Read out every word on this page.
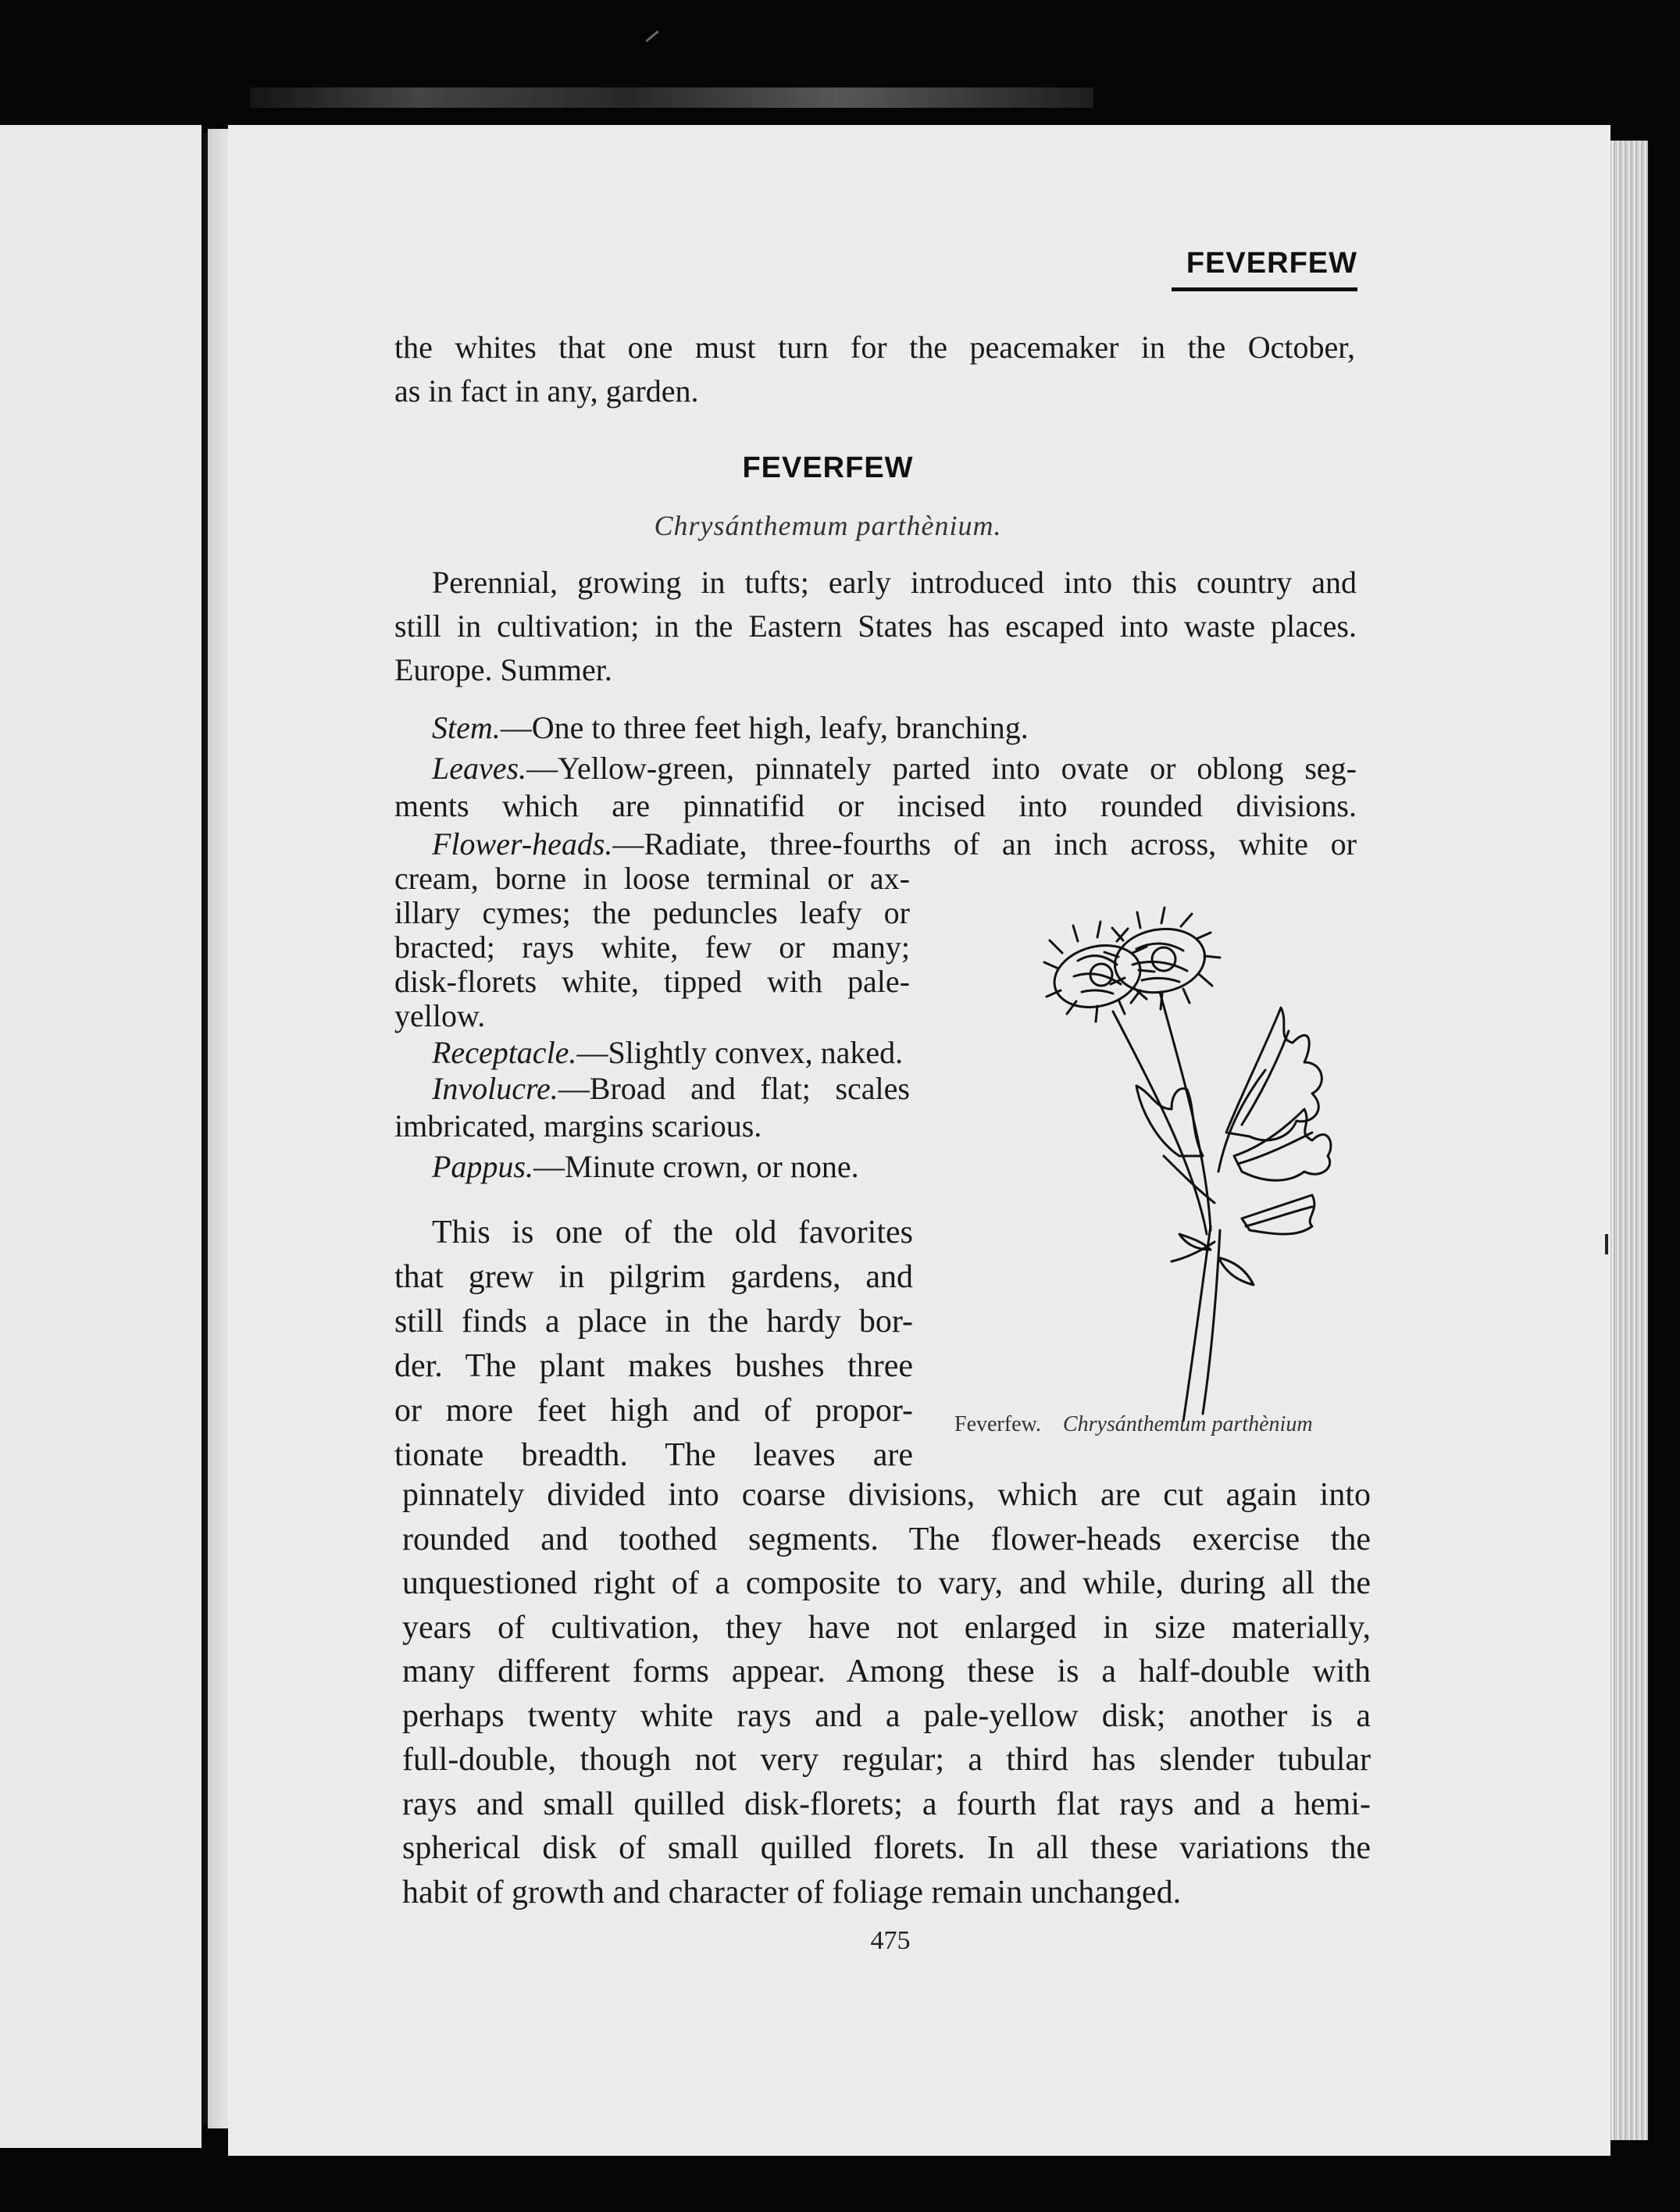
FEVERFEW
the whites that one must turn for the peacemaker in the October,
as in fact in any, garden.
FEVERFEW
Chrysánthemum parthènium.
Perennial, growing in tufts; early introduced into this country and
still in cultivation; in the Eastern States has escaped into waste places.
Europe. Summer.
Stem.—One to three feet high, leafy, branching.
Leaves.—Yellow-green, pinnately parted into ovate or oblong seg-
ments which are pinnatifid or incised into rounded divisions.
Flower-heads.—Radiate, three-fourths of an inch across, white or
cream, borne in loose terminal or ax-
illary cymes; the peduncles leafy or
bracted; rays white, few or many;
disk-florets white, tipped with pale-
yellow.
Receptacle.—Slightly convex, naked.
Involucre.—Broad and flat; scales
imbricated, margins scarious.
Pappus.—Minute crown, or none.
This is one of the old favorites
that grew in pilgrim gardens, and
still finds a place in the hardy bor-
der. The plant makes bushes three
or more feet high and of propor-
tionate breadth. The leaves are
pinnately divided into coarse divisions, which are cut again into
rounded and toothed segments. The flower-heads exercise the
unquestioned right of a composite to vary, and while, during all the
years of cultivation, they have not enlarged in size materially,
many different forms appear. Among these is a half-double with
perhaps twenty white rays and a pale-yellow disk; another is a
full-double, though not very regular; a third has slender tubular
rays and small quilled disk-florets; a fourth flat rays and a hemi-
spherical disk of small quilled florets. In all these variations the
habit of growth and character of foliage remain unchanged.
Feverfew. Chrysánthemum parthènium
475
